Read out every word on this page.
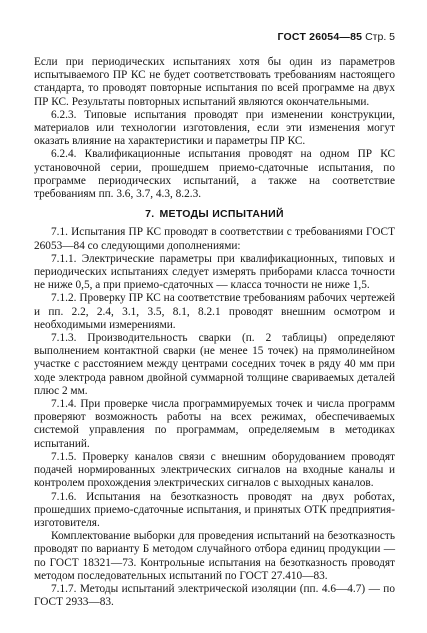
ГОСТ 26054—85 Стр. 5

Если при периодических испытаниях хотя бы один из параметров испытываемого ПР КС не будет соответствовать требованиям настоящего стандарта, то проводят повторные испытания по всей программе на двух ПР КС. Результаты повторных испытаний являются окончательными.

6.2.3. Типовые испытания проводят при изменении конструкции, материалов или технологии изготовления, если эти изменения могут оказать влияние на характеристики и параметры ПР КС.

6.2.4. Квалификационные испытания проводят на одном ПР КС установочной серии, прошедшем приемо-сдаточные испытания, по программе периодических испытаний, а также на соответствие требованиям пп. 3.6, 3.7, 4.3, 8.2.3.

7. МЕТОДЫ ИСПЫТАНИЙ

7.1. Испытания ПР КС проводят в соответствии с требованиями ГОСТ 26053—84 со следующими дополнениями:

7.1.1. Электрические параметры при квалификационных, типовых и периодических испытаниях следует измерять приборами класса точности не ниже 0,5, а при приемо-сдаточных — класса точности не ниже 1,5.

7.1.2. Проверку ПР КС на соответствие требованиям рабочих чертежей и пп. 2.2, 2.4, 3.1, 3.5, 8.1, 8.2.1 проводят внешним осмотром и необходимыми измерениями.

7.1.3. Производительность сварки (п. 2 таблицы) определяют выполнением контактной сварки (не менее 15 точек) на прямолинейном участке с расстоянием между центрами соседних точек в ряду 40 мм при ходе электрода равном двойной суммарной толщине свариваемых деталей плюс 2 мм.

7.1.4. При проверке числа программируемых точек и числа программ проверяют возможность работы на всех режимах, обеспечиваемых системой управления по программам, определяемым в методиках испытаний.

7.1.5. Проверку каналов связи с внешним оборудованием проводят подачей нормированных электрических сигналов на входные каналы и контролем прохождения электрических сигналов с выходных каналов.

7.1.6. Испытания на безотказность проводят на двух роботах, прошедших приемо-сдаточные испытания, и принятых ОТК предприятия-изготовителя.

Комплектование выборки для проведения испытаний на безотказность проводят по варианту Б методом случайного отбора единиц продукции — по ГОСТ 18321—73. Контрольные испытания на безотказность проводят методом последовательных испытаний по ГОСТ 27.410—83.

7.1.7. Методы испытаний электрической изоляции (пп. 4.6—4.7) — по ГОСТ 2933—83.
